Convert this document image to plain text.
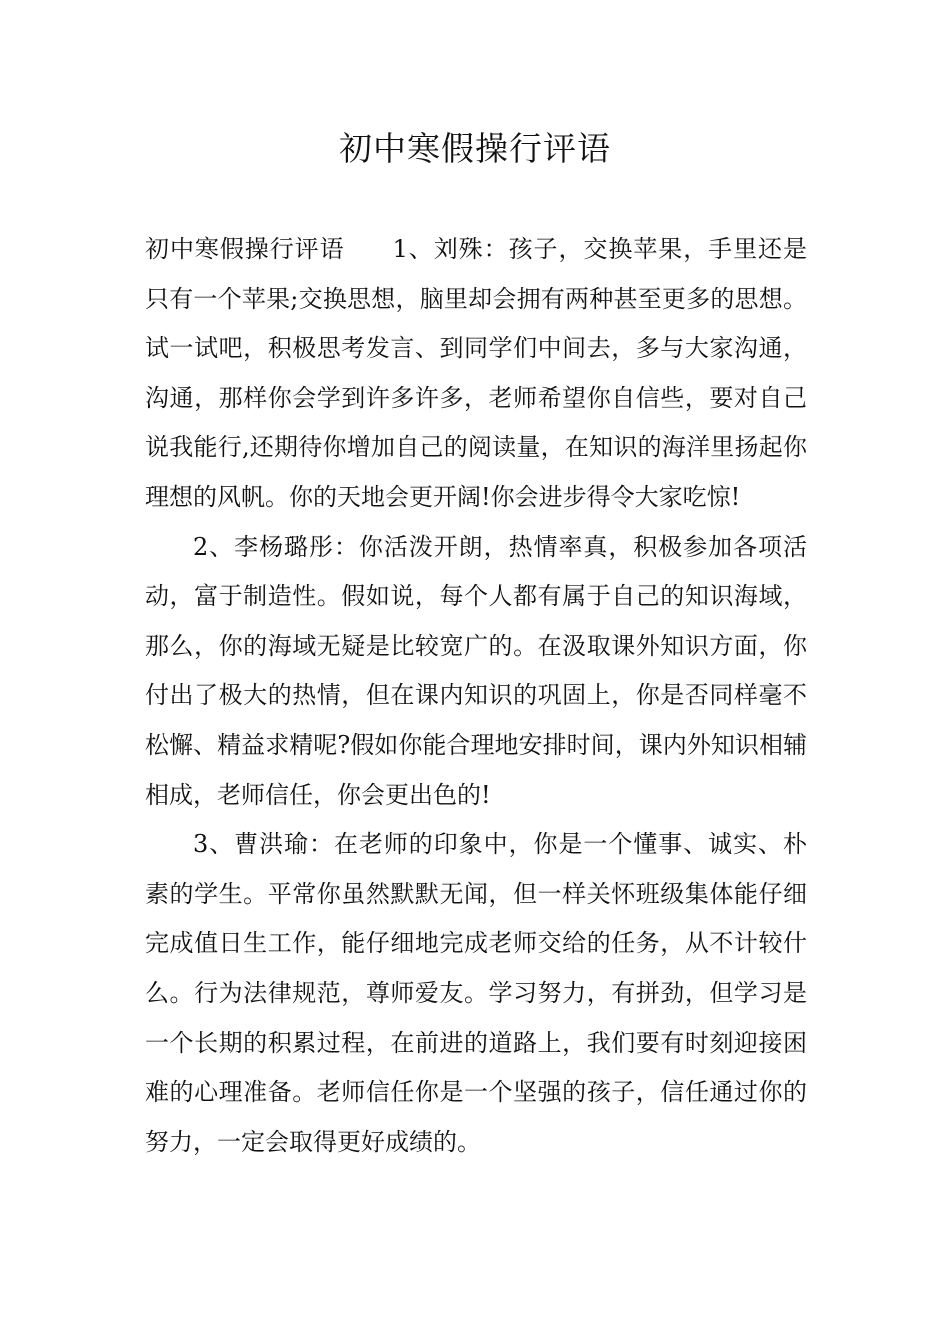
初中寒假操行评语

初中寒假操行评语 1、刘殊：孩子，交换苹果，手里还是只有一个苹果;交换思想，脑里却会拥有两种甚至更多的思想。试一试吧，积极思考发言、到同学们中间去，多与大家沟通，沟通，那样你会学到许多许多，老师希望你自信些，要对自己说我能行,还期待你增加自己的阅读量，在知识的海洋里扬起你理想的风帆。你的天地会更开阔!你会进步得令大家吃惊!

2、李杨璐彤：你活泼开朗，热情率真，积极参加各项活动，富于制造性。假如说，每个人都有属于自己的知识海域，那么，你的海域无疑是比较宽广的。在汲取课外知识方面，你付出了极大的热情，但在课内知识的巩固上，你是否同样毫不松懈、精益求精呢?假如你能合理地安排时间，课内外知识相辅相成，老师信任，你会更出色的!

3、曹洪瑜：在老师的印象中，你是一个懂事、诚实、朴素的学生。平常你虽然默默无闻，但一样关怀班级集体能仔细完成值日生工作，能仔细地完成老师交给的任务，从不计较什么。行为法律规范，尊师爱友。学习努力，有拼劲，但学习是一个长期的积累过程，在前进的道路上，我们要有时刻迎接困难的心理准备。老师信任你是一个坚强的孩子，信任通过你的努力，一定会取得更好成绩的。
